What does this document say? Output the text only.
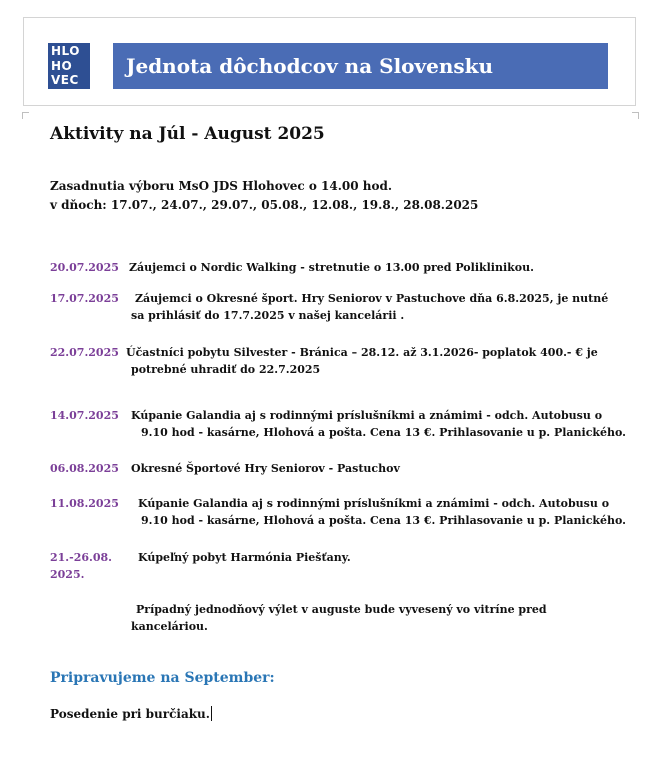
HLO
HO
VEC
Jednota dôchodcov na Slovensku
Aktivity na Júl - August 2025
Zasadnutia výboru MsO JDS Hlohovec o 14.00 hod.
v dňoch: 17.07., 24.07., 29.07., 05.08., 12.08., 19.8., 28.08.2025
20.07.2025 Záujemci o Nordic Walking - stretnutie o 13.00 pred Poliklinikou.
17.07.2025	Záujemci o Okresné šport. Hry Seniorov v Pastuchove dňa 6.8.2025, je nutné
sa prihlásiť do 17.7.2025 v našej kancelárii .
22.07.2025 Účastníci pobytu Silvester - Bránica – 28.12. až 3.1.2026- poplatok 400.- € je
potrebné uhradiť do 22.7.2025
14.07.2025 Kúpanie Galandia aj s rodinnými príslušníkmi a známimi - odch. Autobusu o
9.10 hod - kasárne, Hlohová a pošta. Cena 13 €. Prihlasovanie u p. Planického.
06.08.2025 Okresné Športové Hry Seniorov - Pastuchov
11.08.2025 Kúpanie Galandia aj s rodinnými príslušníkmi a známimi - odch. Autobusu o
9.10 hod - kasárne, Hlohová a pošta. Cena 13 €. Prihlasovanie u p. Planického.
21.-26.08.
2025.
Kúpeľný pobyt Harmónia Piešťany.
Prípadný jednodňový výlet v auguste bude vyvesený vo vitríne pred
kanceláriou.
Pripravujeme na September:
Posedenie pri burčiaku.
